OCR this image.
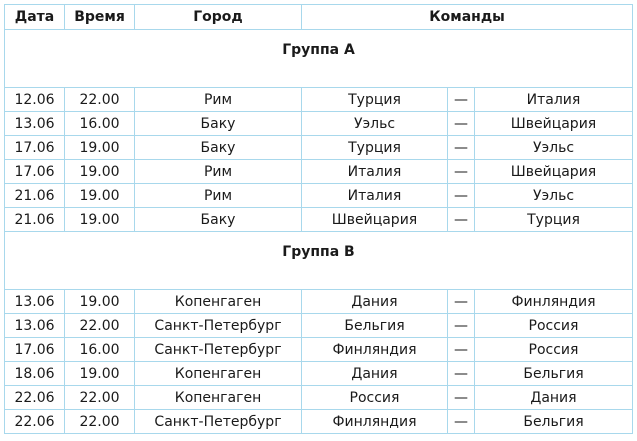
Дата	Время	Город	Команды		
Группа А					
12.06	22.00	Рим	Турция	—	Италия
13.06	16.00	Баку	Уэльс	—	Швейцария
17.06	19.00	Баку	Турция	—	Уэльс
17.06	19.00	Рим	Италия	—	Швейцария
21.06	19.00	Рим	Италия	—	Уэльс
21.06	19.00	Баку	Швейцария	—	Турция
Группа B					
13.06	19.00	Копенгаген	Дания	—	Финляндия
13.06	22.00	Санкт-Петербург	Бельгия	—	Россия
17.06	16.00	Санкт-Петербург	Финляндия	—	Россия
18.06	19.00	Копенгаген	Дания	—	Бельгия
22.06	22.00	Копенгаген	Россия	—	Дания
22.06	22.00	Санкт-Петербург	Финляндия	—	Бельгия
